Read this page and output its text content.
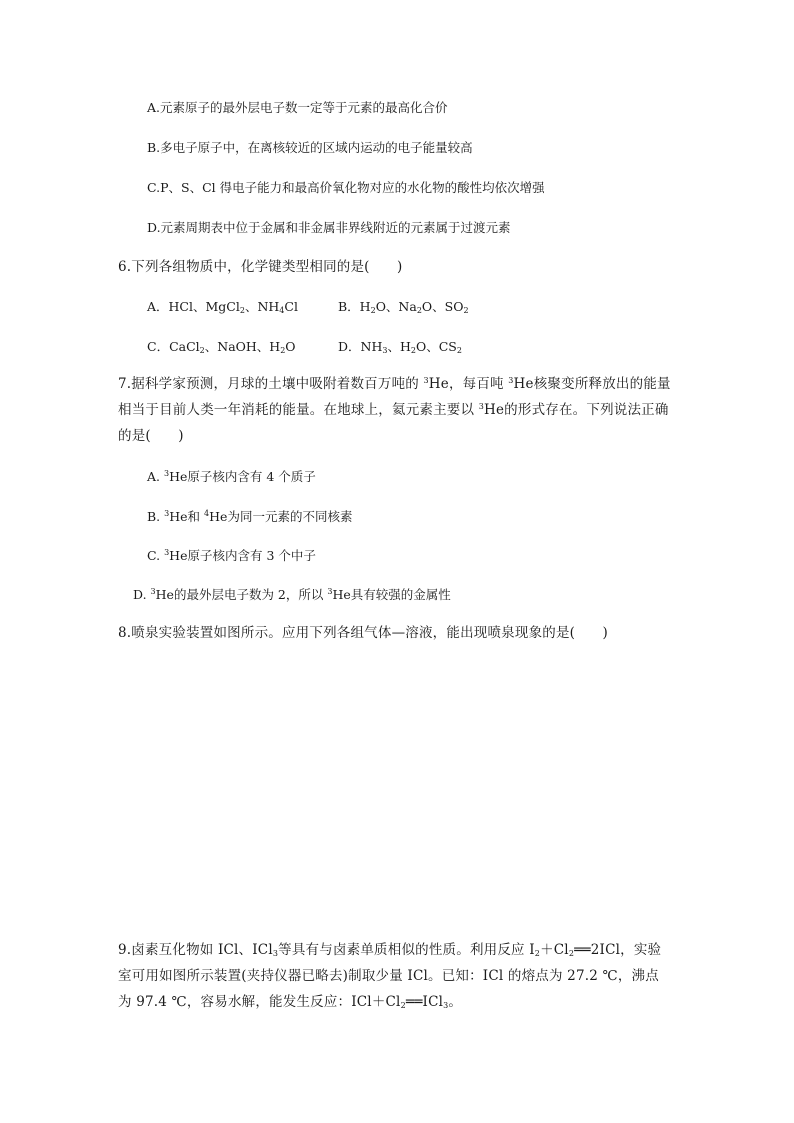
A.元素原子的最外层电子数一定等于元素的最高化合价
B.多电子原子中，在离核较近的区域内运动的电子能量较高
C.P、S、Cl 得电子能力和最高价氧化物对应的水化物的酸性均依次增强
D.元素周期表中位于金属和非金属非界线附近的元素属于过渡元素
6.下列各组物质中，化学键类型相同的是(　　)
A．HCl、MgCl$_2$、$NH_4Cl$	B．$H_2O$、$Na_2O$、$SO_2$
C．CaCl$_2$、NaOH、$H_2O$	D．$NH_3$、$H_2O$、$CS_2$
7.据科学家预测，月球的土壤中吸附着数百万吨的 $^3$He，每百吨 $^3$He核聚变所释放出的能量
相当于目前人类一年消耗的能量。在地球上，氦元素主要以 $^3$He的形式存在。下列说法正确
的是(　　)
A. $^3$He原子核内含有 4 个质子
B. $^3$He和 $^4$He为同一元素的不同核素
C. $^3$He原子核内含有 3 个中子
D. $^3$He的最外层电子数为 2，所以 $^3$He具有较强的金属性
8.喷泉实验装置如图所示。应用下列各组气体—溶液，能出现喷泉现象的是(　　)
9.卤素互化物如 ICl、ICl$_3$等具有与卤素单质相似的性质。利用反应 $I_2+Cl_2══2ICl$，实验
室可用如图所示装置(夹持仪器已略去)制取少量 ICl。已知：ICl 的熔点为 27.2 ℃，沸点
为 97.4 ℃，容易水解，能发生反应：$ICl+Cl_2══ICl_3$。
